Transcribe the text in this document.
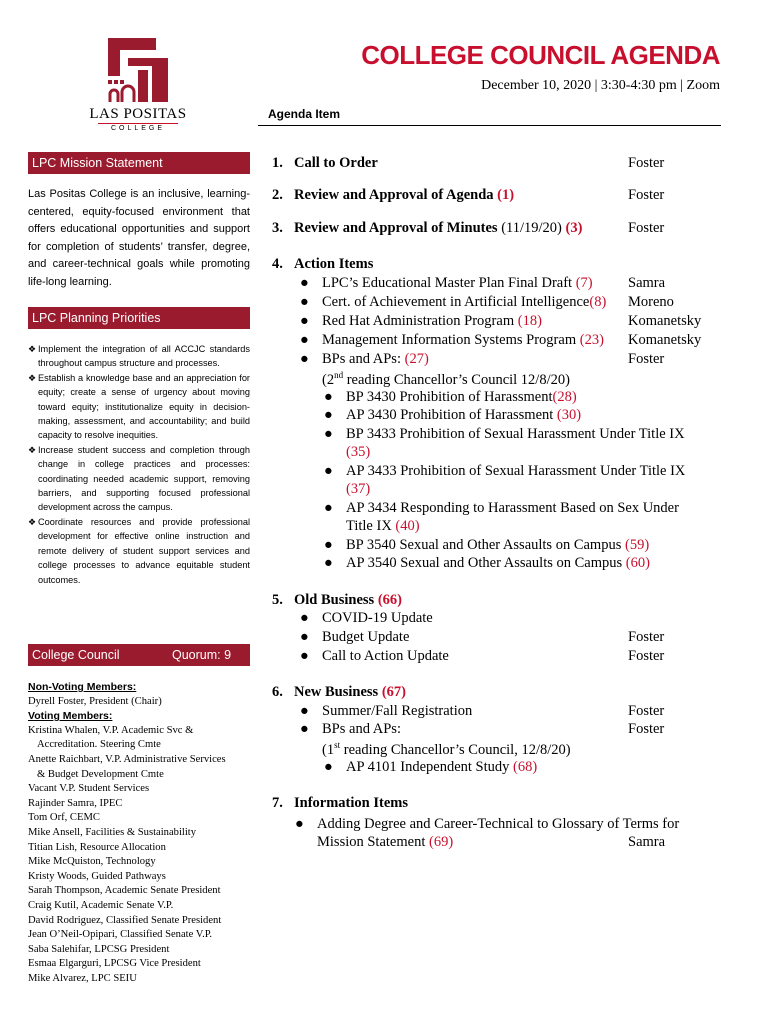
LAS POSITAS
COLLEGE
COLLEGE COUNCIL AGENDA
December 10, 2020 | 3:30-4:30 pm | Zoom
Agenda Item
LPC Mission Statement
Las Positas College is an inclusive, learning-centered, equity-focused environment that offers educational opportunities and support for completion of students’ transfer, degree, and career-technical goals while promoting life-long learning.
LPC Planning Priorities
❖ Implement the integration of all ACCJC standards throughout campus structure and processes.
❖ Establish a knowledge base and an appreciation for equity; create a sense of urgency about moving toward equity; institutionalize equity in decision-making, assessment, and accountability; and build capacity to resolve inequities.
❖ Increase student success and completion through change in college practices and processes: coordinating needed academic support, removing barriers, and supporting focused professional development across the campus.
❖ Coordinate resources and provide professional development for effective online instruction and remote delivery of student support services and college processes to advance equitable student outcomes.
College Council	Quorum: 9
Non-Voting Members:
Dyrell Foster, President (Chair)
Voting Members:
Kristina Whalen, V.P. Academic Svc &
Accreditation. Steering Cmte
Anette Raichbart, V.P. Administrative Services
& Budget Development Cmte
Vacant V.P. Student Services
Rajinder Samra, IPEC
Tom Orf, CEMC
Mike Ansell, Facilities & Sustainability
Titian Lish, Resource Allocation
Mike McQuiston, Technology
Kristy Woods, Guided Pathways
Sarah Thompson, Academic Senate President
Craig Kutil, Academic Senate V.P.
David Rodriguez, Classified Senate President
Jean O’Neil-Opipari, Classified Senate V.P.
Saba Salehifar, LPCSG President
Esmaa Elgarguri, LPCSG Vice President
Mike Alvarez, LPC SEIU
1. Call to Order	Foster
2. Review and Approval of Agenda (1)	Foster
3. Review and Approval of Minutes (11/19/20) (3)	Foster
4. Action Items
● LPC’s Educational Master Plan Final Draft (7) Samra
● Cert. of Achievement in Artificial Intelligence(8) Moreno
● Red Hat Administration Program (18)	Komanetsky
● Management Information Systems Program (23) Komanetsky
● BPs and APs: (27)	Foster
(2nd reading Chancellor’s Council 12/8/20)
● BP 3430 Prohibition of Harassment(28)
● AP 3430 Prohibition of Harassment (30)
● BP 3433 Prohibition of Sexual Harassment Under Title IX
(35)
● AP 3433 Prohibition of Sexual Harassment Under Title IX
(37)
● AP 3434 Responding to Harassment Based on Sex Under
Title IX (40)
● BP 3540 Sexual and Other Assaults on Campus (59)
● AP 3540 Sexual and Other Assaults on Campus (60)
5. Old Business (66)
● COVID-19 Update
● Budget Update	Foster
● Call to Action Update	Foster
6. New Business (67)
● Summer/Fall Registration	Foster
● BPs and APs:	Foster
(1st reading Chancellor’s Council, 12/8/20)
● AP 4101 Independent Study (68)
7. Information Items
● Adding Degree and Career-Technical to Glossary of Terms for
Mission Statement (69)	Samra
